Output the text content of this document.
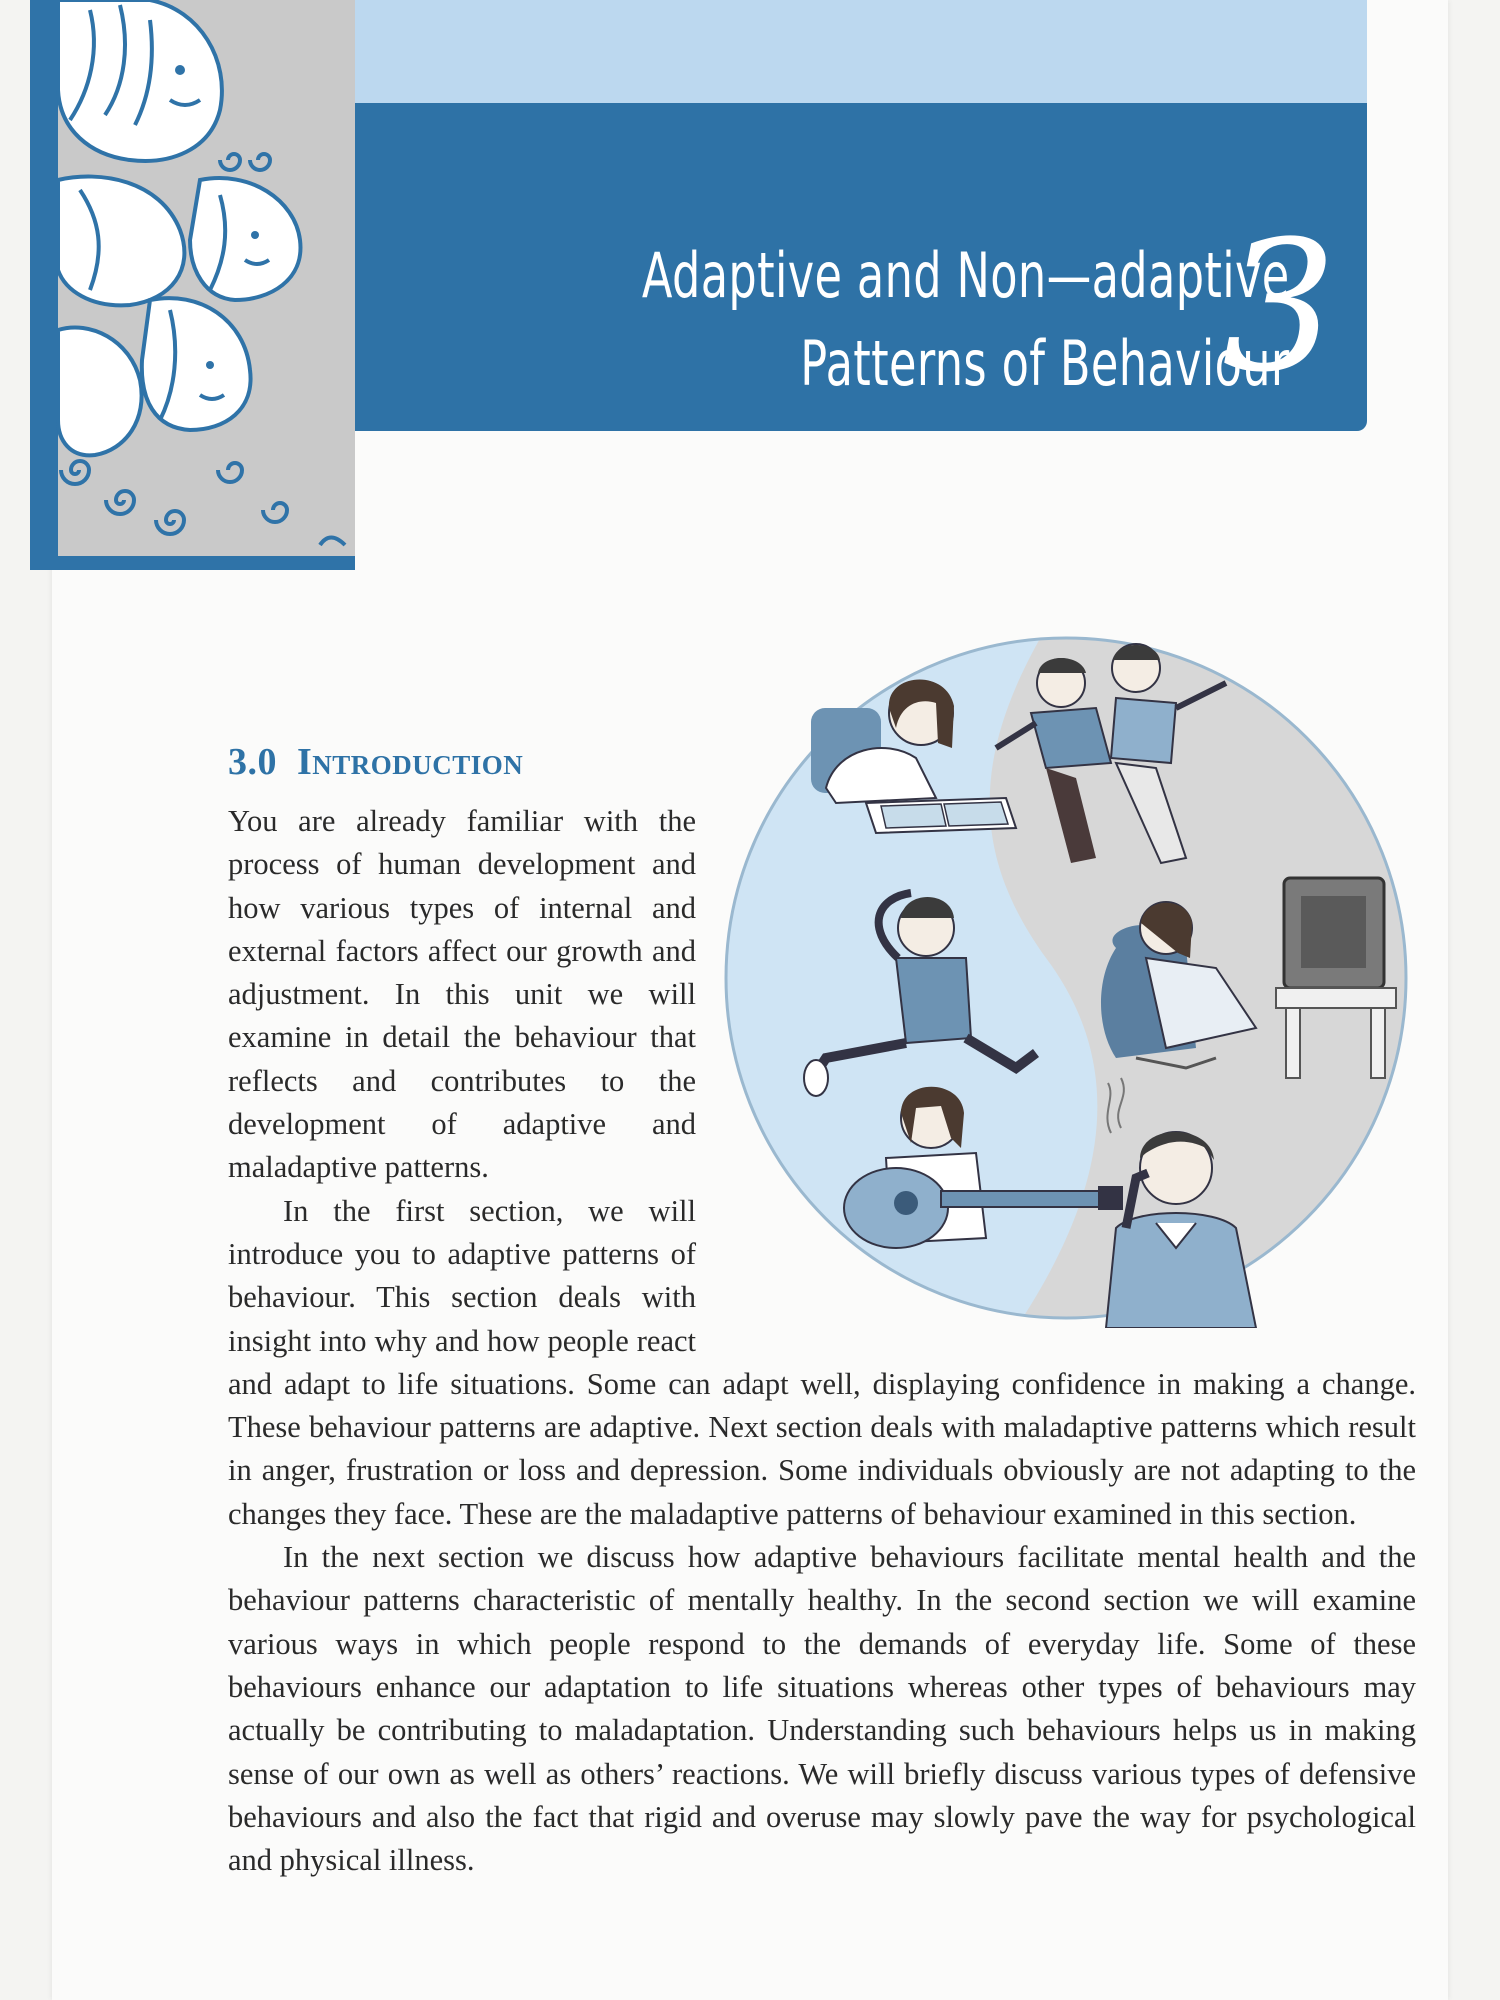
Adaptive and Non—adaptive
Patterns of Behaviour
3
3.0 Introduction

You are already familiar with the process of human development and how various types of internal and external factors affect our growth and adjustment. In this unit we will examine in detail the behaviour that reflects and contributes to the development of adaptive and maladaptive patterns.

In the first section, we will introduce you to adaptive patterns of behaviour. This section deals with insight into why and how people react and adapt to life situations. Some can adapt well, displaying confidence in making a change. These behaviour patterns are adaptive. Next section deals with maladaptive patterns which result in anger, frustration or loss and depression. Some individuals obviously are not adapting to the changes they face. These are the maladaptive patterns of behaviour examined in this section.

In the next section we discuss how adaptive behaviours facilitate mental health and the behaviour patterns characteristic of mentally healthy. In the second section we will examine various ways in which people respond to the demands of everyday life. Some of these behaviours enhance our adaptation to life situations whereas other types of behaviours may actually be contributing to maladaptation. Understanding such behaviours helps us in making sense of our own as well as others’ reactions. We will briefly discuss various types of defensive behaviours and also the fact that rigid and overuse may slowly pave the way for psychological and physical illness.
